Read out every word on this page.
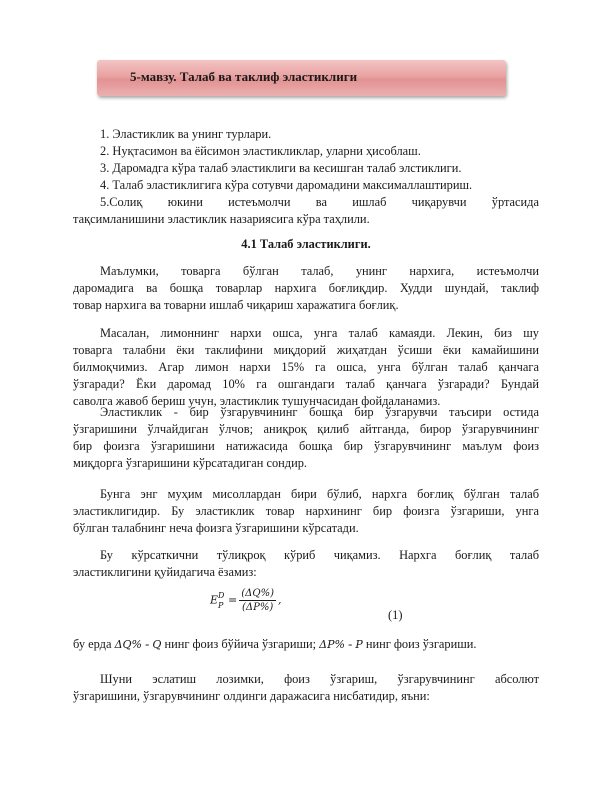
5-мавзу. Талаб ва таклиф эластиклиги
1. Эластиклик ва унинг турлари.
2. Нуқтасимон ва ёйсимон эластикликлар, уларни ҳисоблаш.
3. Даромадга кўра талаб эластиклиги ва кесишган талаб элстиклиги.
4. Талаб эластиклигига кўра сотувчи даромадини максималлаштириш.
5.Солиқ юкини истеъмолчи ва ишлаб чиқарувчи ўртасида
тақсимланишини эластиклик назариясига кўра таҳлили.
4.1 Талаб эластиклиги.
Маълумки, товарга бўлган талаб, унинг нархига, истеъмолчи
даромадига ва бошқа товарлар нархига боғлиқдир. Худди шундай, таклиф
товар нархига ва товарни ишлаб чиқариш харажатига боғлиқ.
Масалан, лимоннинг нархи ошса, унга талаб камаяди. Лекин, биз шу
товарга талабни ёки таклифини миқдорий жиҳатдан ўсиши ёки камайишини
билмоқчимиз. Агар лимон нархи 15% га ошса, унга бўлган талаб қанчага
ўзгаради? Ёки даромад 10% га ошгандаги талаб қанчага ўзгаради? Бундай
саволга жавоб бериш учун, эластиклик тушунчасидан фойдаланамиз.
Эластиклик - бир ўзгарувчининг бошқа бир ўзгарувчи таъсири остида
ўзгаришини ўлчайдиган ўлчов; аниқроқ қилиб айтганда, бирор ўзгарувчининг
бир фоизга ўзгаришини натижасида бошқа бир ўзгарувчининг маълум фоиз
миқдорга ўзгаришини кўрсатадиган сондир.
Бунга энг муҳим мисоллардан бири бўлиб, нархга боғлиқ бўлган талаб
эластиклигидир. Бу эластиклик товар нархининг бир фоизга ўзгариши, унга
бўлган талабнинг неча фоизга ўзгаришини кўрсатади.
Бу кўрсаткични тўлиқроқ кўриб чиқамиз. Нархга боғлиқ талаб
эластиклигини қуйидагича ёзамиз:
E D
$P = \frac{(\Delta Q\%)}{(\Delta P\%)}$ ,
(1)
бу ерда ΔQ% - Q нинг фоиз бўйича ўзгариши; ΔP% - P нинг фоиз ўзгариши.
Шуни эслатиш лозимки, фоиз ўзгариш, ўзгарувчининг абсолют
ўзгаришини, ўзгарувчининг олдинги даражасига нисбатидир, яъни:
